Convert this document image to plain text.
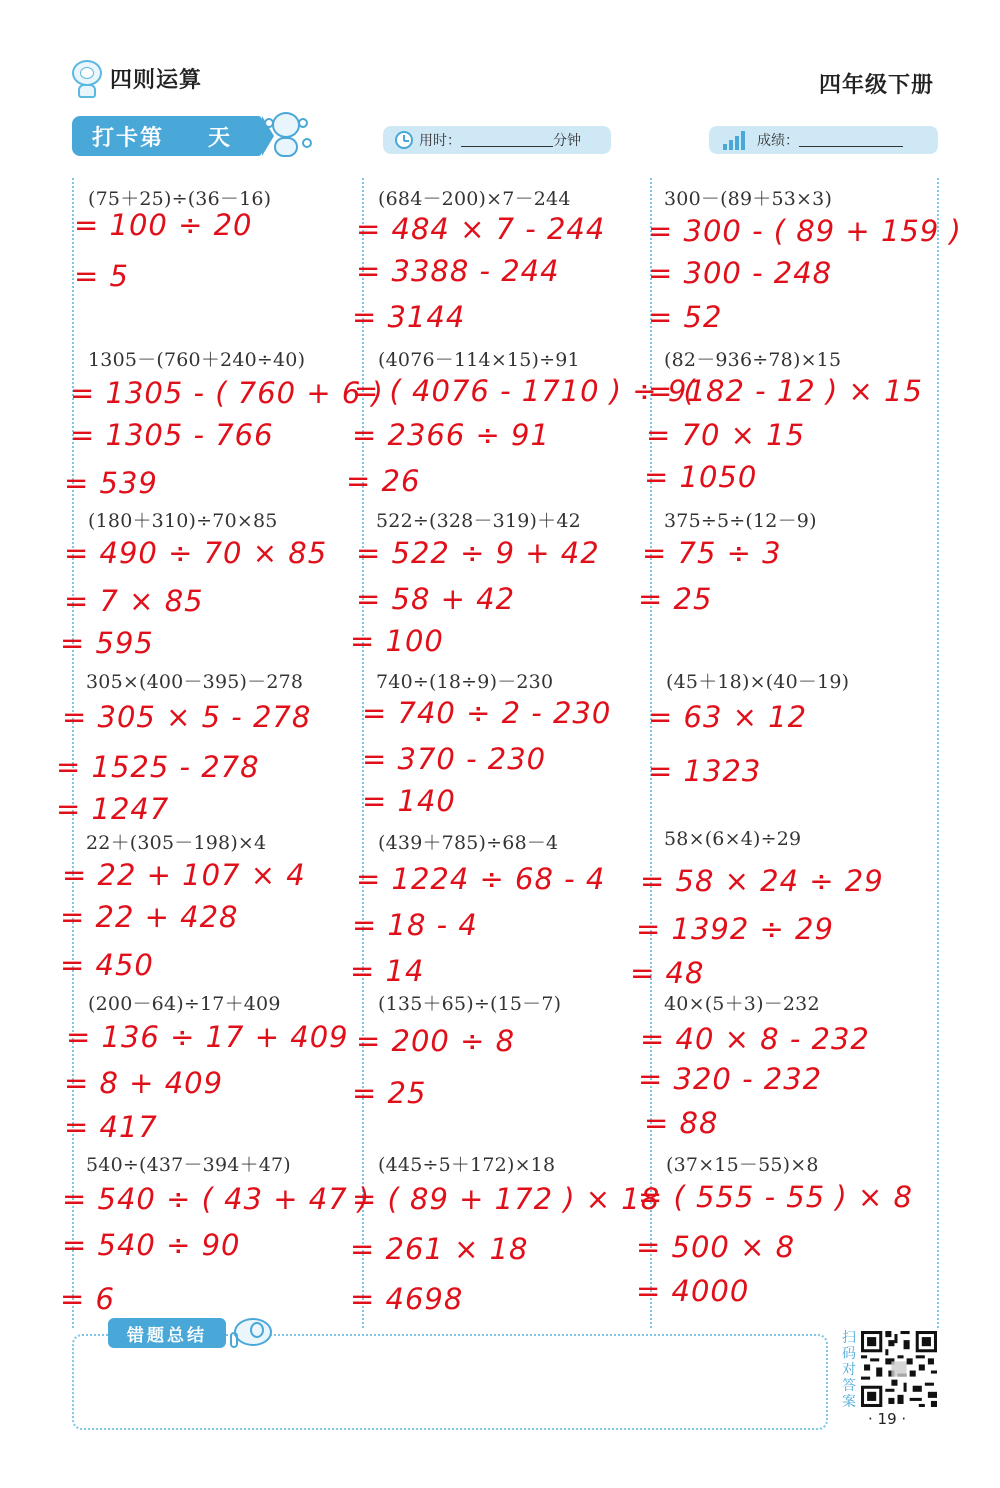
四则运算	四年级下册
打卡第 天	用时：	分钟	成绩：
(75＋25)÷(36－16)
= 100 ÷ 20
= 5
(684－200)×7－244
= 484 × 7 - 244
= 3388 - 244
= 3144
300－(89＋53×3)
= 300 - ( 89 + 159 )
= 300 - 248
= 52
1305－(760＋240÷40)
= 1305 - ( 760 + 6 )
= 1305 - 766
= 539
(4076－114×15)÷91
= ( 4076 - 1710 ) ÷ 91
= 2366 ÷ 91
= 26
(82－936÷78)×15
= ( 82 - 12 ) × 15
= 70 × 15
= 1050
(180＋310)÷70×85
= 490 ÷ 70 × 85
= 7 × 85
= 595
522÷(328－319)＋42
= 522 ÷ 9 + 42
= 58 + 42
= 100
375÷5÷(12－9)
= 75 ÷ 3
= 25
305×(400－395)－278
= 305 × 5 - 278
= 1525 - 278
= 1247
740÷(18÷9)－230
= 740 ÷ 2 - 230
= 370 - 230
= 140
(45＋18)×(40－19)
= 63 × 12
= 1323
22＋(305－198)×4
= 22 + 107 × 4
= 22 + 428
= 450
(439＋785)÷68－4
= 1224 ÷ 68 - 4
= 18 - 4
= 14
58×(6×4)÷29
= 58 × 24 ÷ 29
= 1392 ÷ 29
= 48
(200－64)÷17＋409
= 136 ÷ 17 + 409
= 8 + 409
= 417
(135＋65)÷(15－7)
= 200 ÷ 8
= 25
40×(5＋3)－232
= 40 × 8 - 232
= 320 - 232
= 88
540÷(437－394＋47)
= 540 ÷ ( 43 + 47 )
= 540 ÷ 90
= 6
(445÷5＋172)×18
= ( 89 + 172 ) × 18
= 261 × 18
= 4698
(37×15－55)×8
= ( 555 - 55 ) × 8
= 500 × 8
= 4000
错题总结	扫码对答案
· 19 ·
